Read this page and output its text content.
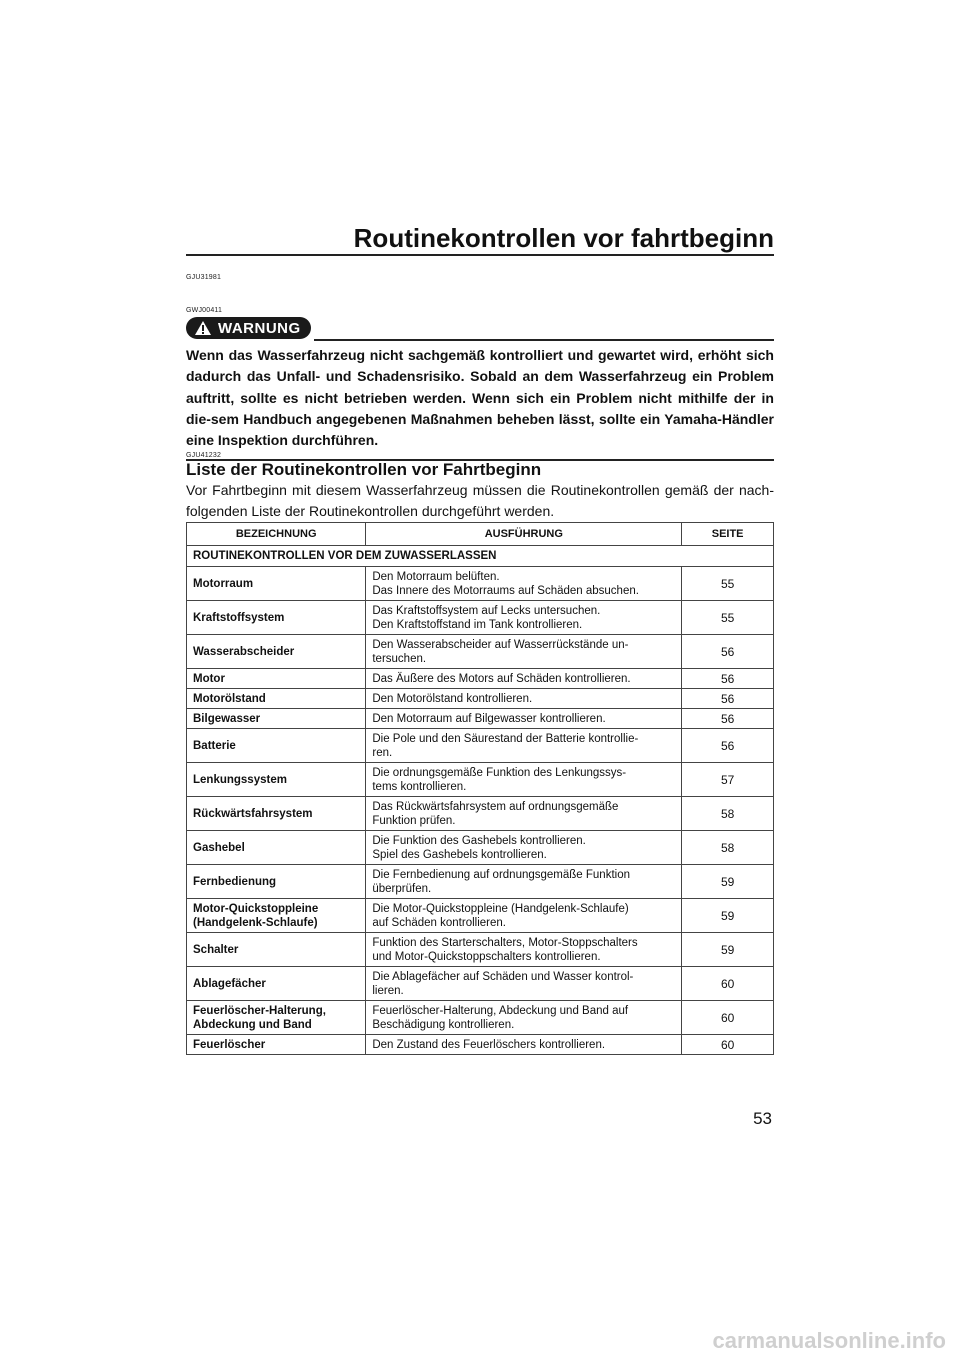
Routinekontrollen vor fahrtbeginn
GJU31981
GWJ00411
WARNUNG
Wenn das Wasserfahrzeug nicht sachgemäß kontrolliert und gewartet wird, erhöht sich dadurch das Unfall- und Schadensrisiko. Sobald an dem Wasserfahrzeug ein Problem auftritt, sollte es nicht betrieben werden. Wenn sich ein Problem nicht mithilfe der in die-sem Handbuch angegebenen Maßnahmen beheben lässt, sollte ein Yamaha-Händler eine Inspektion durchführen.
GJU41232
Liste der Routinekontrollen vor Fahrtbeginn
Vor Fahrtbeginn mit diesem Wasserfahrzeug müssen die Routinekontrollen gemäß der nach-folgenden Liste der Routinekontrollen durchgeführt werden.
BEZEICHNUNG	AUSFÜHRUNG	SEITE
ROUTINEKONTROLLEN VOR DEM ZUWASSERLASSEN		
Motorraum	Den Motorraum belüften.
Das Innere des Motorraums auf Schäden absuchen.	55
Kraftstoffsystem	Das Kraftstoffsystem auf Lecks untersuchen.
Den Kraftstoffstand im Tank kontrollieren.	55
Wasserabscheider	Den Wasserabscheider auf Wasserrückstände un-
tersuchen.	56
Motor	Das Äußere des Motors auf Schäden kontrollieren.	56
Motorölstand	Den Motorölstand kontrollieren.	56
Bilgewasser	Den Motorraum auf Bilgewasser kontrollieren.	56
Batterie	Die Pole und den Säurestand der Batterie kontrollie-
ren.	56
Lenkungssystem	Die ordnungsgemäße Funktion des Lenkungssys-
tems kontrollieren.	57
Rückwärtsfahrsystem	Das Rückwärtsfahrsystem auf ordnungsgemäße
Funktion prüfen.	58
Gashebel	Die Funktion des Gashebels kontrollieren.
Spiel des Gashebels kontrollieren.	58
Fernbedienung	Die Fernbedienung auf ordnungsgemäße Funktion
überprüfen.	59
Motor-Quickstoppleine
(Handgelenk-Schlaufe)	Die Motor-Quickstoppleine (Handgelenk-Schlaufe)
auf Schäden kontrollieren.	59
Schalter	Funktion des Starterschalters, Motor-Stoppschalters
und Motor-Quickstoppschalters kontrollieren.	59
Ablagefächer	Die Ablagefächer auf Schäden und Wasser kontrol-
lieren.	60
Feuerlöscher-Halterung,
Abdeckung und Band	Feuerlöscher-Halterung, Abdeckung und Band auf
Beschädigung kontrollieren.	60
Feuerlöscher	Den Zustand des Feuerlöschers kontrollieren.	60
53
carmanualsonline.info
